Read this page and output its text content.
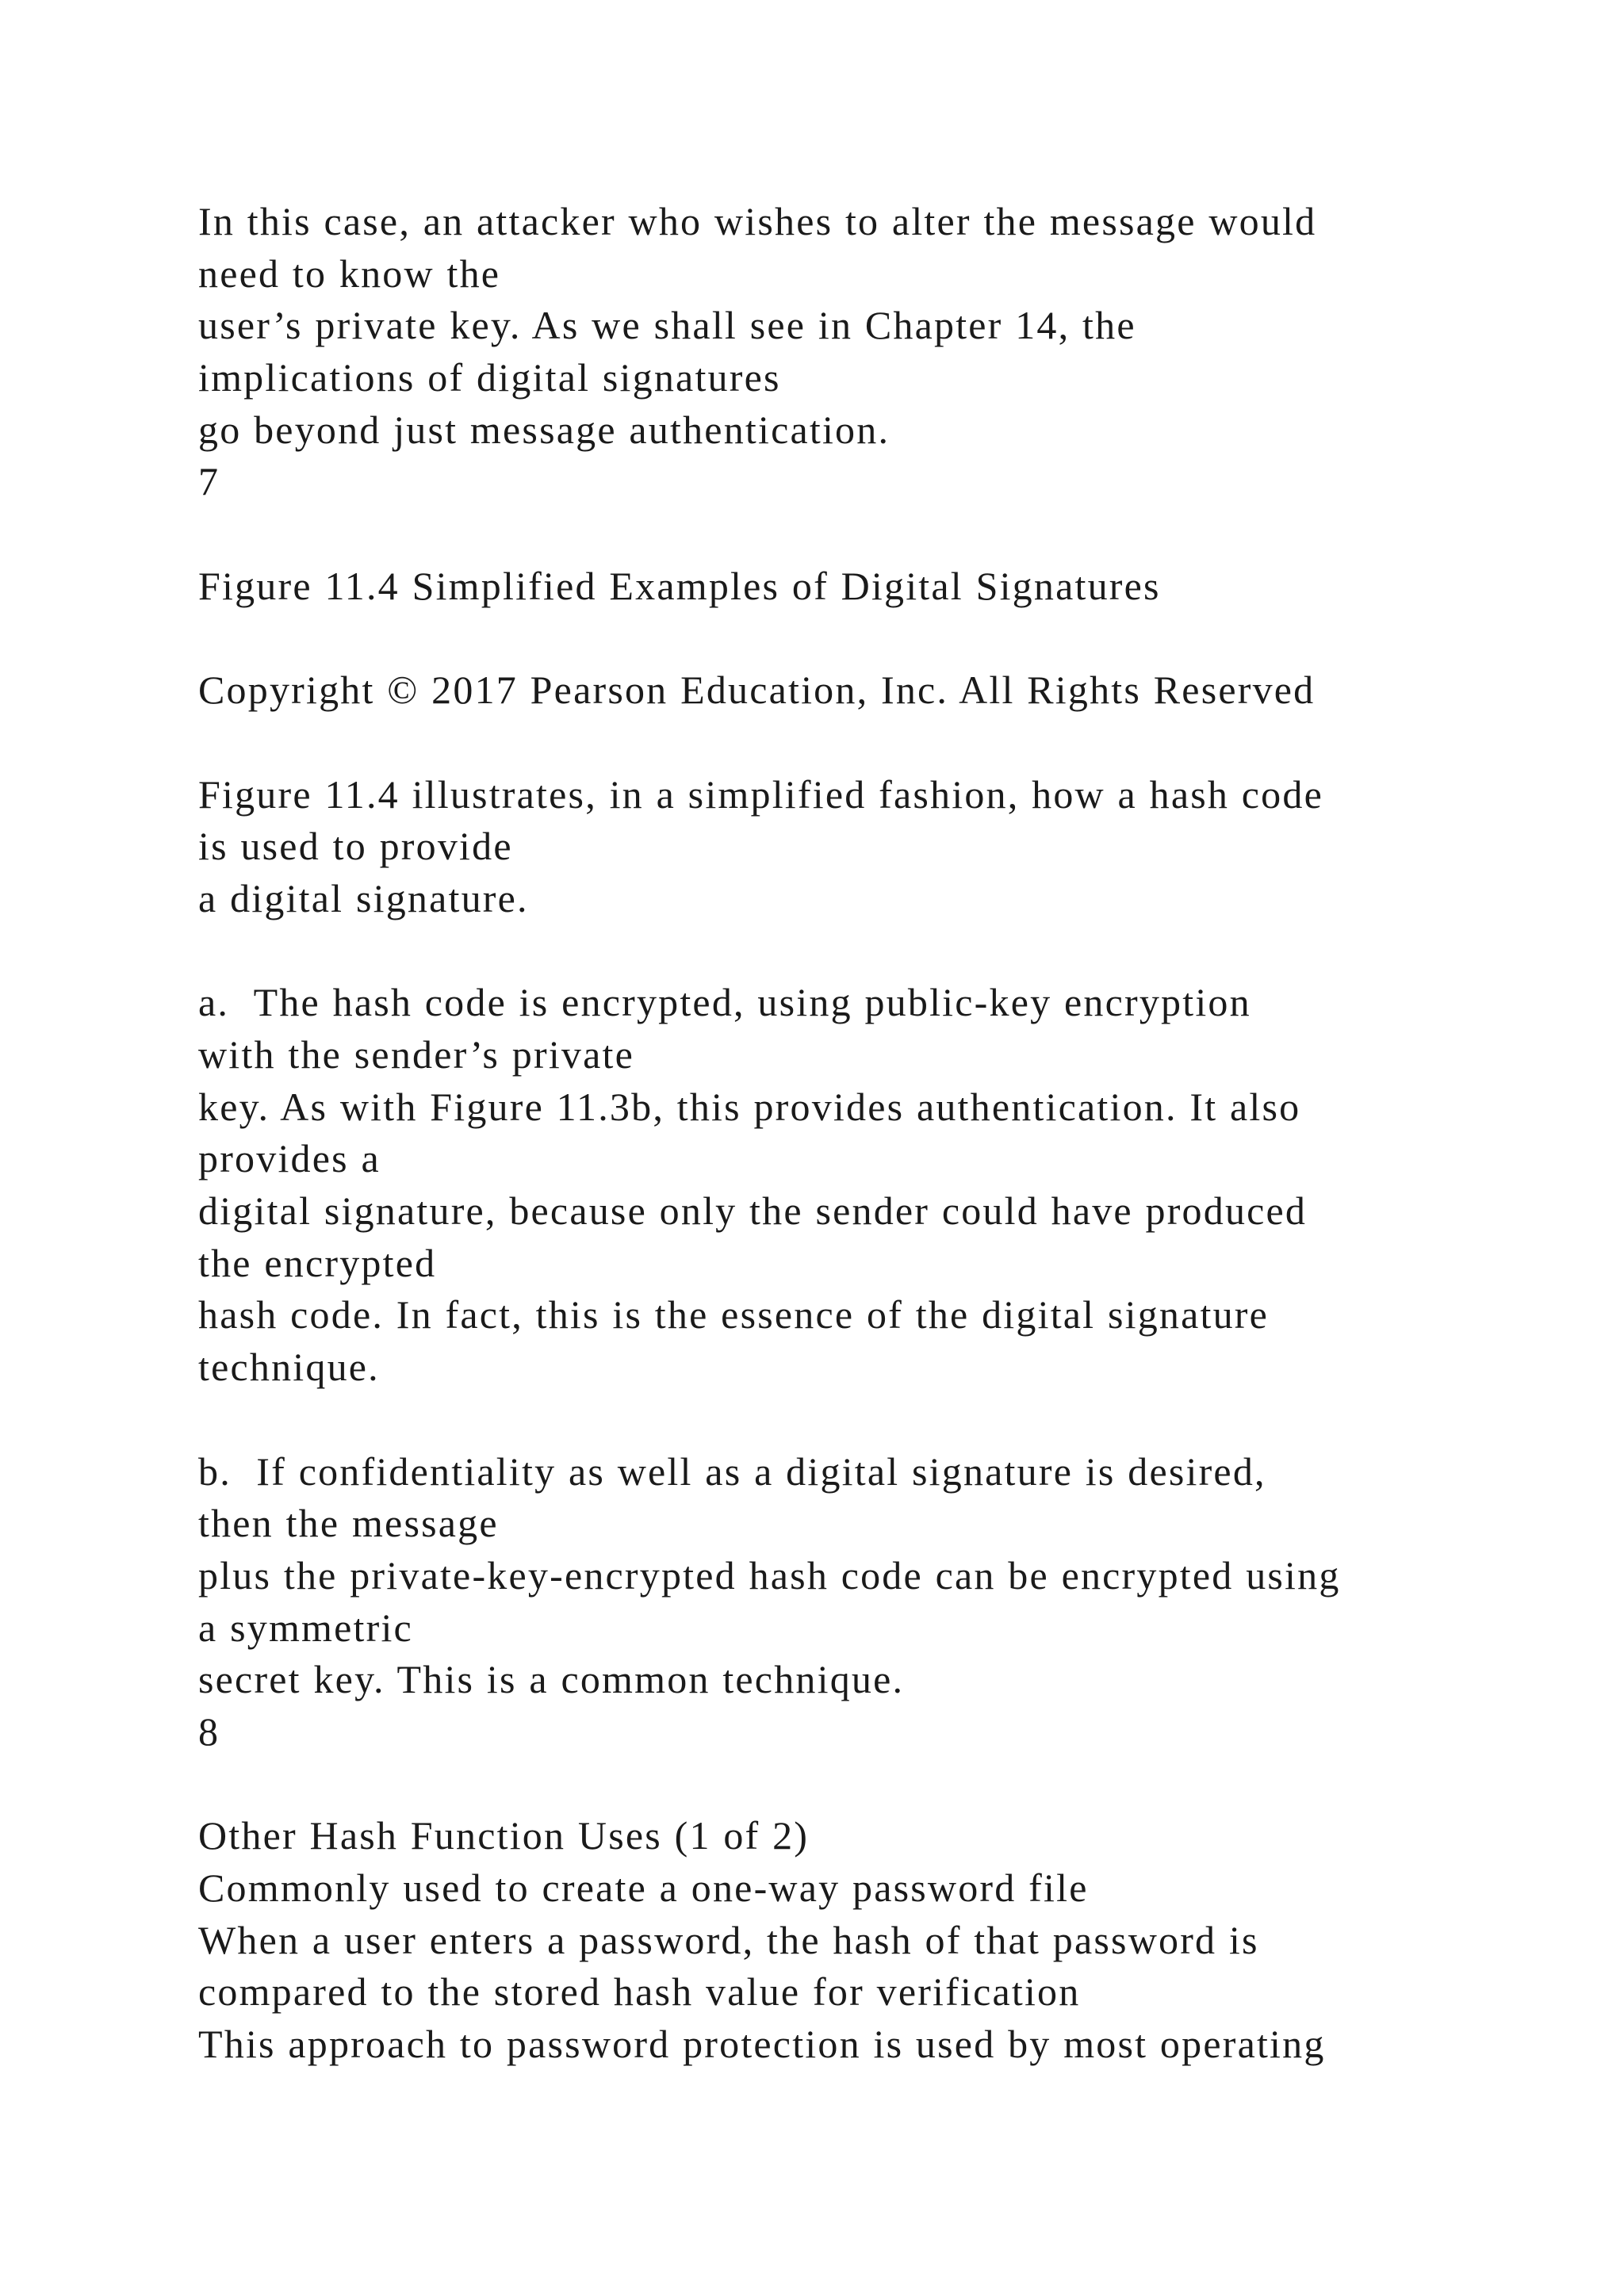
In this case, an attacker who wishes to alter the message would
need to know the
user’s private key. As we shall see in Chapter 14, the
implications of digital signatures
go beyond just message authentication.
7
Figure 11.4 Simplified Examples of Digital Signatures
Copyright © 2017 Pearson Education, Inc. All Rights Reserved
Figure 11.4 illustrates, in a simplified fashion, how a hash code
is used to provide
a digital signature.
a.  The hash code is encrypted, using public-key encryption
with the sender’s private
key. As with Figure 11.3b, this provides authentication. It also
provides a
digital signature, because only the sender could have produced
the encrypted
hash code. In fact, this is the essence of the digital signature
technique.
b.  If confidentiality as well as a digital signature is desired,
then the message
plus the private-key-encrypted hash code can be encrypted using
a symmetric
secret key. This is a common technique.
8
Other Hash Function Uses (1 of 2)
Commonly used to create a one-way password file
When a user enters a password, the hash of that password is
compared to the stored hash value for verification
This approach to password protection is used by most operating
